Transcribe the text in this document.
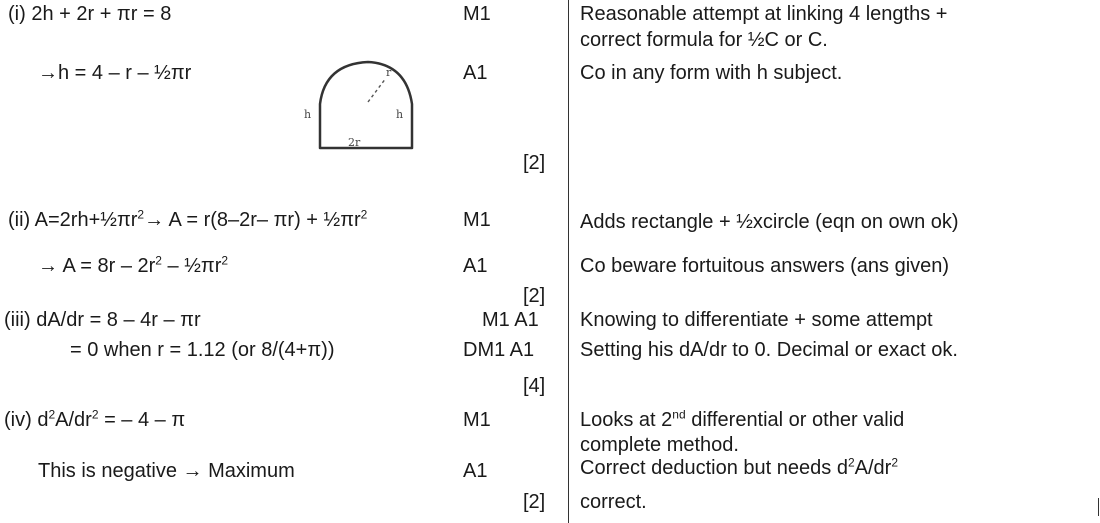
(i) 2h + 2r + πr = 8
→h = 4 – r – ½πr
M1
A1
[2]
Reasonable attempt at linking 4 lengths +
correct formula for ½C or C.
Co in any form with h subject.
r
h	h
2r
(ii) $A=2rh+\frac{1}{2}\pi r^2\to A = r(8-2r-$ $\pi r) + \frac{1}{2}\pi r^2$
→ $A = 8r - 2r^2$ – $\frac{1}{2}\pi r^2$
M1
A1
[2]
Adds rectangle + ½xcircle (eqn on own ok)
Co beware fortuitous answers (ans given)
(iii) dA/dr = 8 – 4r – πr
= 0 when r = 1.12 (or 8/(4+π))
M1 A1
DM1 A1
[4]
Knowing to differentiate + some attempt
Setting his dA/dr to 0. Decimal or exact ok.
(iv) $d^2A/dr^2$ = – 4 – π
This is negative → Maximum
M1
A1
[2]
Looks at 2nd differential or other valid
complete method.
Correct deduction but needs $d^2A/dr^2$
correct.
